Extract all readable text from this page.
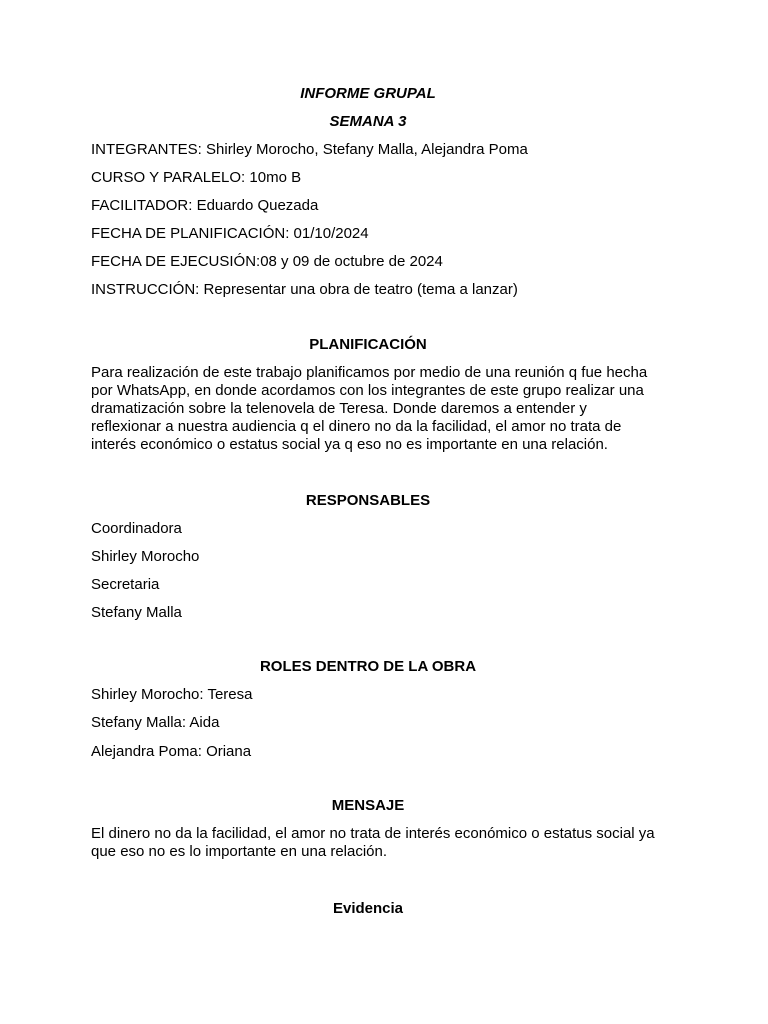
INFORME GRUPAL
SEMANA 3
INTEGRANTES: Shirley Morocho, Stefany Malla, Alejandra Poma
CURSO Y PARALELO: 10mo B
FACILITADOR: Eduardo Quezada
FECHA DE PLANIFICACIÓN: 01/10/2024
FECHA DE EJECUSIÓN:08 y 09 de octubre de 2024
INSTRUCCIÓN: Representar una obra de teatro (tema a lanzar)
PLANIFICACIÓN
Para realización de este trabajo planificamos por medio de una reunión q fue hecha
por WhatsApp, en donde acordamos con los integrantes de este grupo realizar una
dramatización sobre la telenovela de Teresa. Donde daremos a entender y
reflexionar a nuestra audiencia q el dinero no da la facilidad, el amor no trata de
interés económico o estatus social ya q eso no es importante en una relación.
RESPONSABLES
Coordinadora
Shirley Morocho
Secretaria
Stefany Malla
ROLES DENTRO DE LA OBRA
Shirley Morocho: Teresa
Stefany Malla: Aida
Alejandra Poma: Oriana
MENSAJE
El dinero no da la facilidad, el amor no trata de interés económico o estatus social ya
que eso no es lo importante en una relación.
Evidencia
